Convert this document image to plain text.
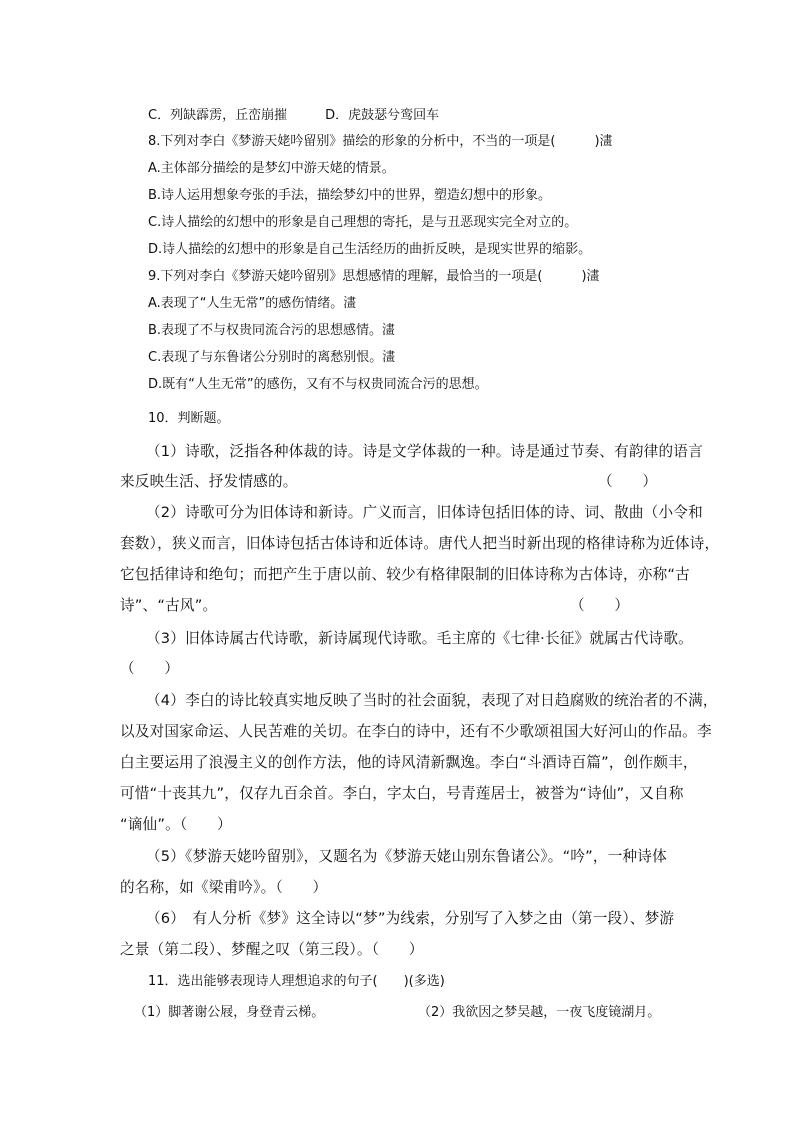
C．列缺霹雳，丘峦崩摧	D．虎鼓瑟兮鸾回车
8.下列对李白《梦游天姥吟留别》描绘的形象的分析中，不当的一项是(　　　)澅
A.主体部分描绘的是梦幻中游天姥的情景。
B.诗人运用想象夸张的手法，描绘梦幻中的世界，塑造幻想中的形象。
C.诗人描绘的幻想中的形象是自己理想的寄托，是与丑恶现实完全对立的。
D.诗人描绘的幻想中的形象是自己生活经历的曲折反映，是现实世界的缩影。
9.下列对李白《梦游天姥吟留别》思想感情的理解，最恰当的一项是(　　　)澅
A.表现了“人生无常”的感伤情绪。澅
B.表现了不与权贵同流合污的思想感情。澅
C.表现了与东鲁诸公分别时的离愁别恨。澅
D.既有“人生无常”的感伤，又有不与权贵同流合污的思想。
10．判断题。
（1）诗歌，泛指各种体裁的诗。诗是文学体裁的一种。诗是通过节奏、有韵律的语言
来反映生活、抒发情感的。	（　　）
（2）诗歌可分为旧体诗和新诗。广义而言，旧体诗包括旧体的诗、词、散曲（小令和
套数），狭义而言，旧体诗包括古体诗和近体诗。唐代人把当时新出现的格律诗称为近体诗，
它包括律诗和绝句；而把产生于唐以前、较少有格律限制的旧体诗称为古体诗，亦称“古
诗”、“古风”。	（　　）
（3）旧体诗属古代诗歌，新诗属现代诗歌。毛主席的《七律·长征》就属古代诗歌。
（　　）
（4）李白的诗比较真实地反映了当时的社会面貌，表现了对日趋腐败的统治者的不满，
以及对国家命运、人民苦难的关切。在李白的诗中，还有不少歌颂祖国大好河山的作品。李
白主要运用了浪漫主义的创作方法，他的诗风清新飘逸。李白“斗酒诗百篇”，创作颇丰，
可惜“十丧其九”，仅存九百余首。李白，字太白，号青莲居士，被誉为“诗仙”，又自称
“谪仙”。（　　）
（5）《梦游天姥吟留别》，又题名为《梦游天姥山别东鲁诸公》。“吟”，一种诗体
的名称，如《梁甫吟》。（　　）
（6）　有人分析《梦》这全诗以“梦”为线索，分别写了入梦之由（第一段）、梦游
之景（第二段）、梦醒之叹（第三段）。（　　）
11．选出能够表现诗人理想追求的句子(　　)(多选)
（1）脚著谢公屐，身登青云梯。	（2）我欲因之梦吴越，一夜飞度镜湖月。
